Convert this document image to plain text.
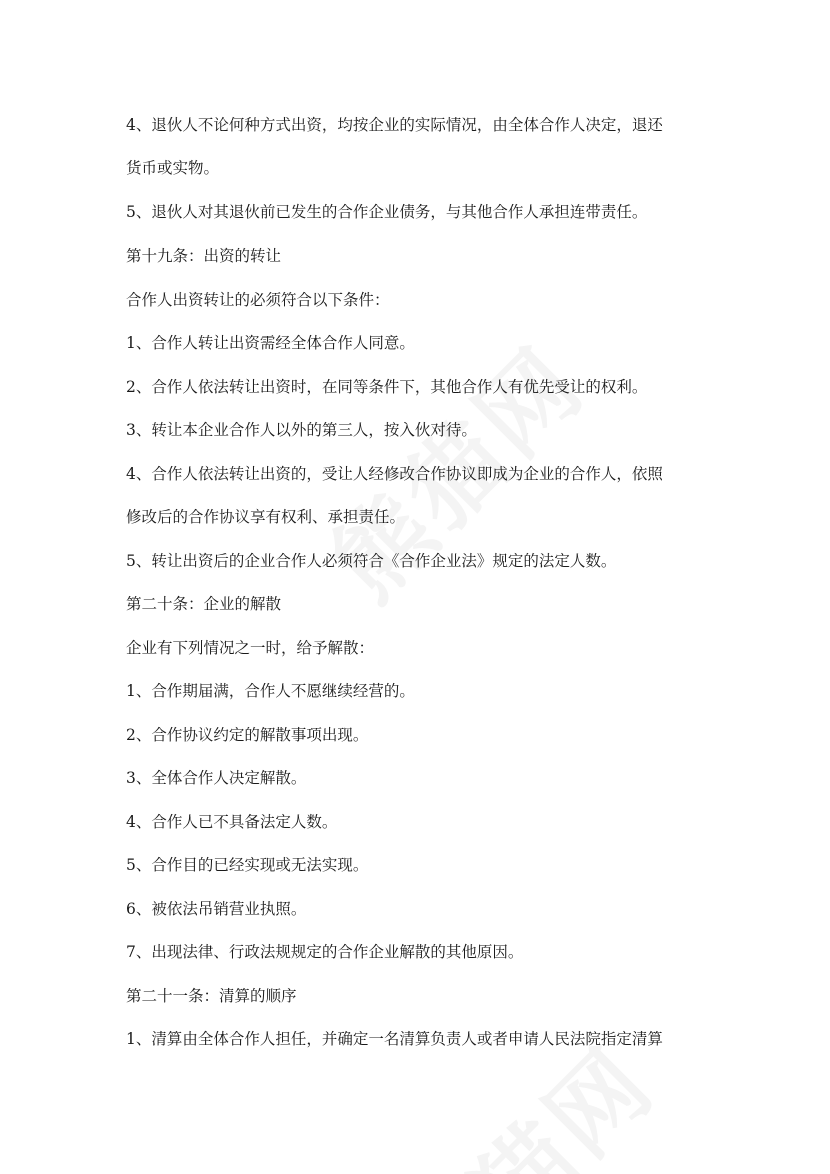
4、退伙人不论何种方式出资，均按企业的实际情况，由全体合作人决定，退还
货币或实物。
5、退伙人对其退伙前已发生的合作企业债务，与其他合作人承担连带责任。
第十九条：出资的转让
合作人出资转让的必须符合以下条件：
1、合作人转让出资需经全体合作人同意。
2、合作人依法转让出资时，在同等条件下，其他合作人有优先受让的权利。
3、转让本企业合作人以外的第三人，按入伙对待。
4、合作人依法转让出资的，受让人经修改合作协议即成为企业的合作人，依照
修改后的合作协议享有权利、承担责任。
5、转让出资后的企业合作人必须符合《合作企业法》规定的法定人数。
第二十条：企业的解散
企业有下列情况之一时，给予解散：
1、合作期届满，合作人不愿继续经营的。
2、合作协议约定的解散事项出现。
3、全体合作人决定解散。
4、合作人已不具备法定人数。
5、合作目的已经实现或无法实现。
6、被依法吊销营业执照。
7、出现法律、行政法规规定的合作企业解散的其他原因。
第二十一条：清算的顺序
1、清算由全体合作人担任，并确定一名清算负责人或者申请人民法院指定清算
